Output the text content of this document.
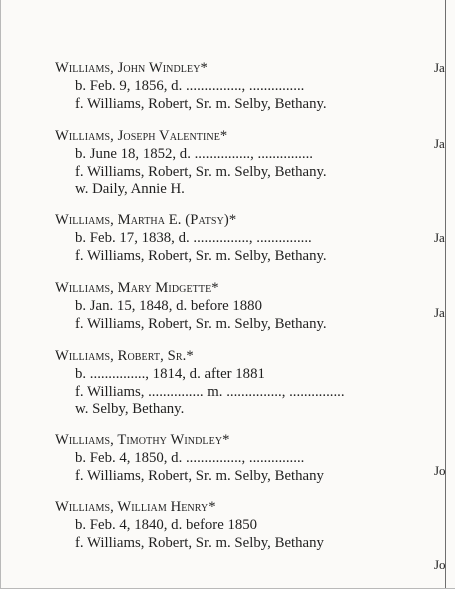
Williams, John Windley*
b. Feb. 9, 1856, d. ..............., ...............
f. Williams, Robert, Sr. m. Selby, Bethany.
Williams, Joseph Valentine*
b. June 18, 1852, d. ..............., ...............
f. Williams, Robert, Sr. m. Selby, Bethany.
w. Daily, Annie H.
Williams, Martha E. (Patsy)*
b. Feb. 17, 1838, d. ..............., ...............
f. Williams, Robert, Sr. m. Selby, Bethany.
Williams, Mary Midgette*
b. Jan. 15, 1848, d. before 1880
f. Williams, Robert, Sr. m. Selby, Bethany.
Williams, Robert, Sr.*
b. ..............., 1814, d. after 1881
f. Williams, ............... m. ..............., ...............
w. Selby, Bethany.
Williams, Timothy Windley*
b. Feb. 4, 1850, d. ..............., ...............
f. Williams, Robert, Sr. m. Selby, Bethany
Williams, William Henry*
b. Feb. 4, 1840, d. before 1850
f. Williams, Robert, Sr. m. Selby, Bethany
Ja
Ja
Ja
Ja
Jo
Jo
